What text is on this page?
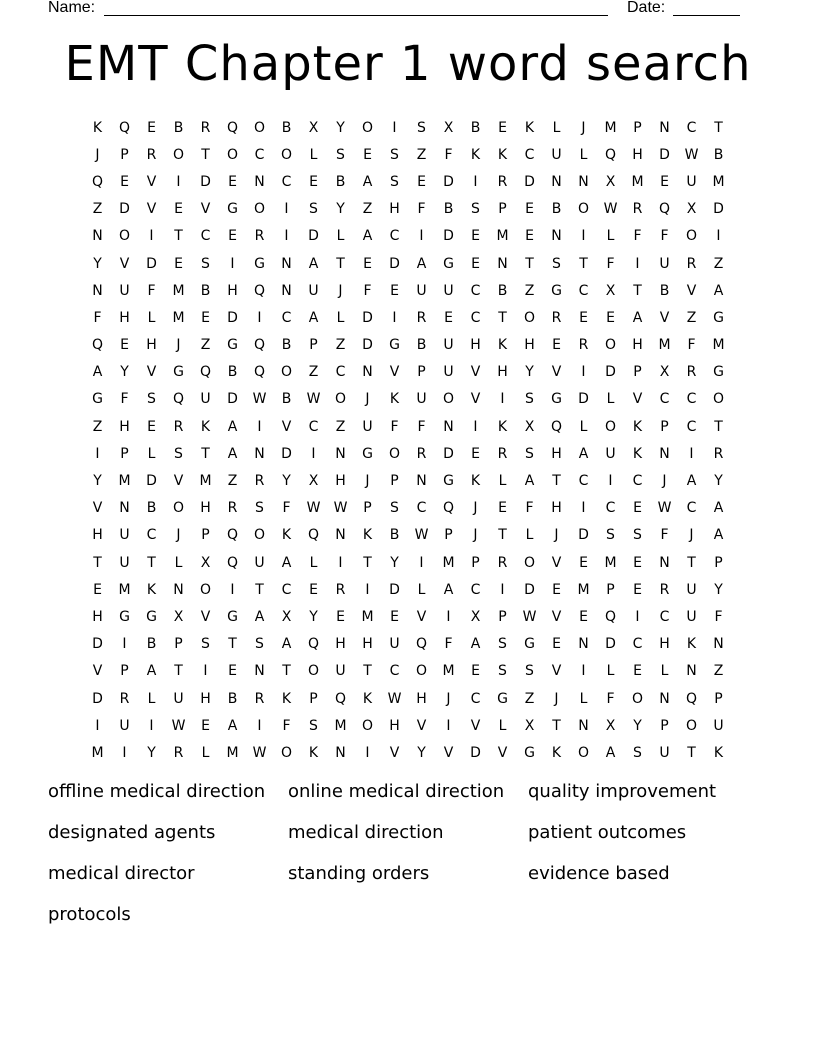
Name:	Date:
EMT Chapter 1 word search
K	Q	E	B	R	Q	O	B	X	Y	O	I	S	X	B	E	K	L	J	M	P	N	C	T
J	P	R	O	T	O	C	O	L	S	E	S	Z	F	K	K	C	U	L	Q	H	D	W	B
Q	E	V	I	D	E	N	C	E	B	A	S	E	D	I	R	D	N	N	X	M	E	U	M
Z	D	V	E	V	G	O	I	S	Y	Z	H	F	B	S	P	E	B	O	W	R	Q	X	D
N	O	I	T	C	E	R	I	D	L	A	C	I	D	E	M	E	N	I	L	F	F	O	I
Y	V	D	E	S	I	G	N	A	T	E	D	A	G	E	N	T	S	T	F	I	U	R	Z
N	U	F	M	B	H	Q	N	U	J	F	E	U	U	C	B	Z	G	C	X	T	B	V	A
F	H	L	M	E	D	I	C	A	L	D	I	R	E	C	T	O	R	E	E	A	V	Z	G
Q	E	H	J	Z	G	Q	B	P	Z	D	G	B	U	H	K	H	E	R	O	H	M	F	M
A	Y	V	G	Q	B	Q	O	Z	C	N	V	P	U	V	H	Y	V	I	D	P	X	R	G
G	F	S	Q	U	D	W	B	W	O	J	K	U	O	V	I	S	G	D	L	V	C	C	O
Z	H	E	R	K	A	I	V	C	Z	U	F	F	N	I	K	X	Q	L	O	K	P	C	T
I	P	L	S	T	A	N	D	I	N	G	O	R	D	E	R	S	H	A	U	K	N	I	R
Y	M	D	V	M	Z	R	Y	X	H	J	P	N	G	K	L	A	T	C	I	C	J	A	Y
V	N	B	O	H	R	S	F	W W	P	S	C	Q	J	E	F	H	I	C	E	W	C	A
H	U	C	J	P	Q	O	K	Q	N	K	B	W	P	J	T	L	J	D	S	S	F	J	A
T	U	T	L	X	Q	U	A	L	I	T	Y	I	M	P	R	O	V	E	M	E	N	T	P
E	M	K	N	O	I	T	C	E	R	I	D	L	A	C	I	D	E	M	P	E	R	U	Y
H	G	G	X	V	G	A	X	Y	E	M	E	V	I	X	P	W	V	E	Q	I	C	U	F
D	I	B	P	S	T	S	A	Q	H	H	U	Q	F	A	S	G	E	N	D	C	H	K	N
V	P	A	T	I	E	N	T	O	U	T	C	O	M	E	S	S	V	I	L	E	L	N	Z
D	R	L	U	H	B	R	K	P	Q	K	W	H	J	C	G	Z	J	L	F	O	N	Q	P
I	U	I	W	E	A	I	F	S	M	O	H	V	I	V	L	X	T	N	X	Y	P	O	U
M	I	Y	R	L	M	W	O	K	N	I	V	Y	V	D	V	G	K	O	A	S	U	T	K
offline medical direction	online medical direction	quality improvement
designated agents	medical direction	patient outcomes
medical director	standing orders	evidence based
protocols
